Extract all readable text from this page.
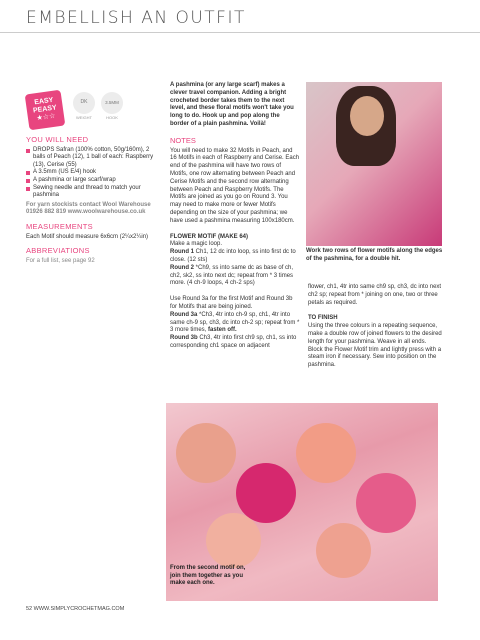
EMBELLISH AN OUTFIT
EASY PEASY
★☆☆
DK
WEIGHT
3.5MM
HOOK
YOU WILL NEED
DROPS Safran (100% cotton, 50g/160m), 2 balls of Peach (12), 1 ball of each: Raspberry (13), Cerise (55)
A 3.5mm (US E/4) hook
A pashmina or large scarf/wrap
Sewing needle and thread to match your pashmina
For yarn stockists contact Wool Warehouse 01926 882 819 www.woolwarehouse.co.uk
MEASUREMENTS
Each Motif should measure 6x6cm (2¼x2¼in)
ABBREVIATIONS
For a full list, see page 92
A pashmina (or any large scarf) makes a clever travel companion. Adding a bright crocheted border takes them to the next level, and these floral motifs won't take you long to do. Hook up and pop along the border of a plain pashmina. Voilà!
NOTES
You will need to make 32 Motifs in Peach, and 16 Motifs in each of Raspberry and Cerise. Each end of the pashmina will have two rows of Motifs, one row alternating between Peach and Cerise Motifs and the second row alternating between Peach and Raspberry Motifs. The Motifs are joined as you go on Round 3. You may need to make more or fewer Motifs depending on the size of your pashmina; we have used a pashmina measuring 100x180cm.
FLOWER MOTIF (MAKE 64)
Make a magic loop.
Round 1 Ch1, 12 dc into loop, ss into first dc to close. (12 sts)
Round 2 *Ch9, ss into same dc as base of ch, ch2, sk2, ss into next dc; repeat from * 3 times more. (4 ch-9 loops, 4 ch-2 sps)
Use Round 3a for the first Motif and Round 3b for Motifs that are being joined.
Round 3a *Ch3, 4tr into ch-9 sp, ch1, 4tr into same ch-9 sp, ch3, dc into ch-2 sp; repeat from * 3 more times, fasten off.
Round 3b Ch3, 4tr into first ch9 sp, ch1, ss into corresponding ch1 space on adjacent
Work two rows of flower motifs along the edges of the pashmina, for a double hit.
flower, ch1, 4tr into same ch9 sp, ch3, dc into next ch2 sp; repeat from * joining on one, two or three petals as required.
TO FINISH
Using the three colours in a repeating sequence, make a double row of joined flowers to the desired length for your pashmina. Weave in all ends. Block the Flower Motif trim and lightly press with a steam iron if necessary. Sew into position on the pashmina.
From the second motif on, join them together as you make each one.
52 WWW.SIMPLYCROCHETMAG.COM
